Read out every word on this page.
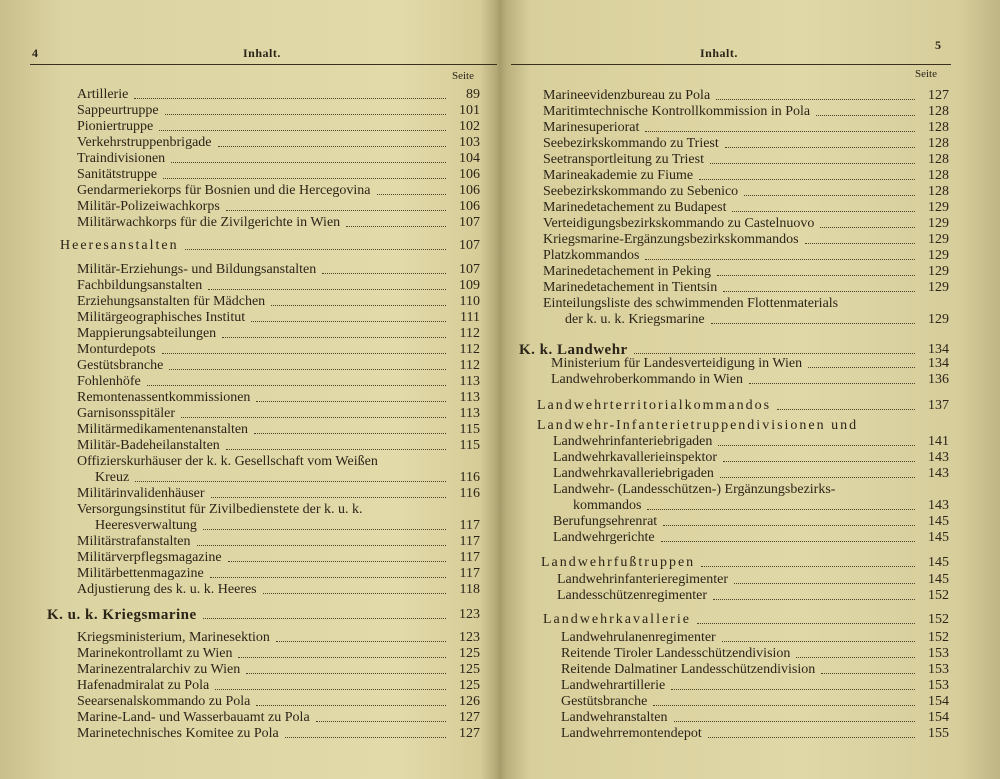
4	Inhalt.
Seite
Artillerie	89
Sappeurtruppe	101
Pioniertruppe	102
Verkehrstruppenbrigade	103
Traindivisionen	104
Sanitätstruppe	106
Gendarmeriekorps für Bosnien und die Hercegovina	106
Militär-Polizeiwachkorps	106
Militärwachkorps für die Zivilgerichte in Wien	107
Heeresanstalten	107
Militär-Erziehungs- und Bildungsanstalten	107
Fachbildungsanstalten	109
Erziehungsanstalten für Mädchen	110
Militärgeographisches Institut	111
Mappierungsabteilungen	112
Monturdepots	112
Gestütsbranche	112
Fohlenhöfe	113
Remontenassentkommissionen	113
Garnisonsspitäler	113
Militärmedikamentenanstalten	115
Militär-Badeheilanstalten	115
Offizierskurhäuser der k. k. Gesellschaft vom Weißen
Kreuz	116
Militärinvalidenhäuser	116
Versorgungsinstitut für Zivilbedienstete der k. u. k.
Heeresverwaltung	117
Militärstrafanstalten	117
Militärverpflegsmagazine	117
Militärbettenmagazine	117
Adjustierung des k. u. k. Heeres	118
K. u. k. Kriegsmarine	123
Kriegsministerium, Marinesektion	123
Marinekontrollamt zu Wien	125
Marinezentralarchiv zu Wien	125
Hafenadmiralat zu Pola	125
Seearsenalskommando zu Pola	126
Marine-Land- und Wasserbauamt zu Pola	127
Marinetechnisches Komitee zu Pola	127
Inhalt.
5
Seite
Marineevidenzbureau zu Pola	127
Maritimtechnische Kontrollkommission in Pola	128
Marinesuperiorat	128
Seebezirkskommando zu Triest	128
Seetransportleitung zu Triest	128
Marineakademie zu Fiume	128
Seebezirkskommando zu Sebenico	128
Marinedetachement zu Budapest	129
Verteidigungsbezirkskommando zu Castelnuovo	129
Kriegsmarine-Ergänzungsbezirkskommandos	129
Platzkommandos	129
Marinedetachement in Peking	129
Marinedetachement in Tientsin	129
Einteilungsliste des schwimmenden Flottenmaterials
der k. u. k. Kriegsmarine	129
K. k. Landwehr	134
Ministerium für Landesverteidigung in Wien	134
Landwehroberkommando in Wien	136
Landwehrterritorialkommandos	137
Landwehr-Infanterietruppendivisionen und
Landwehrinfanteriebrigaden	141
Landwehrkavallerieinspektor	143
Landwehrkavalleriebrigaden	143
Landwehr- (Landesschützen-) Ergänzungsbezirks-
kommandos	143
Berufungsehrenrat	145
Landwehrgerichte	145
Landwehrfußtruppen	145
Landwehrinfanterieregimenter	145
Landesschützenregimenter	152
Landwehrkavallerie	152
Landwehrulanenregimenter	152
Reitende Tiroler Landesschützendivision	153
Reitende Dalmatiner Landesschützendivision	153
Landwehrartillerie	153
Gestütsbranche	154
Landwehranstalten	154
Landwehrremontendepot	155
